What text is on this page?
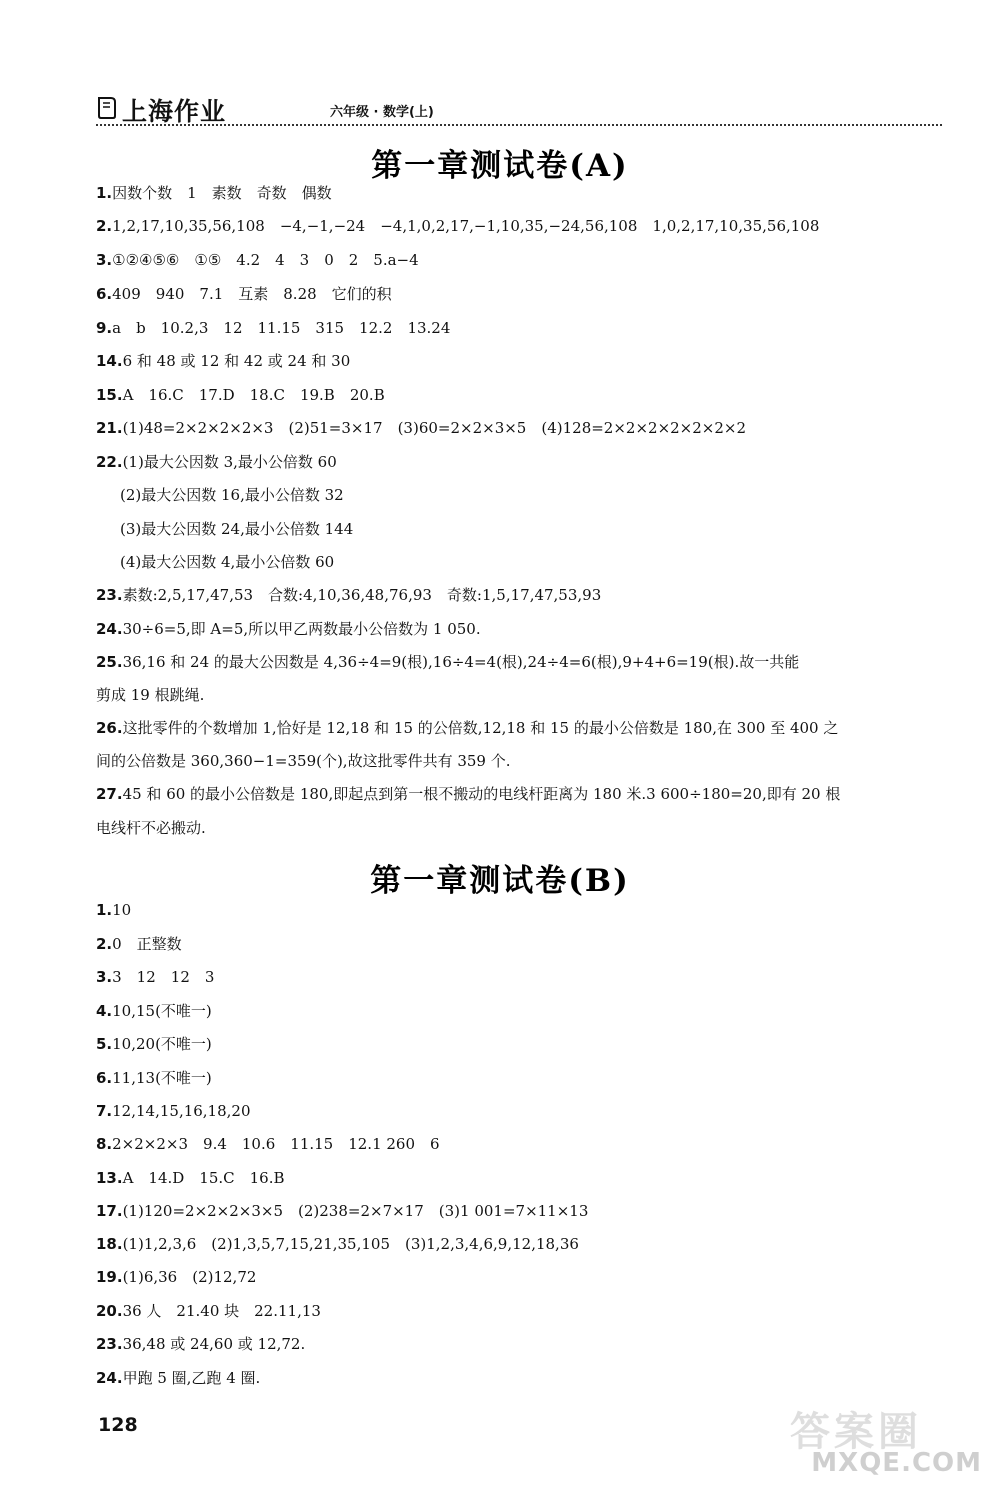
上海作业	六年级 · 数学(上)
第一章测试卷(A)
1.因数个数　1　素数　奇数　偶数
2.1,2,17,10,35,56,108　−4,−1,−24　−4,1,0,2,17,−1,10,35,−24,56,108　1,0,2,17,10,35,56,108
3.①②④⑤⑥　①⑤　4.2　4　3　0　2　5.a−4
6.409　940　7.1　互素　8.28　它们的积
9.a　b　10.2,3　12　11.15　315　12.2　13.24
14.6 和 48 或 12 和 42 或 24 和 30
15.A　16.C　17.D　18.C　19.B　20.B
21.(1)48=2×2×2×2×3　(2)51=3×17　(3)60=2×2×3×5　(4)128=2×2×2×2×2×2×2
22.(1)最大公因数 3,最小公倍数 60
(2)最大公因数 16,最小公倍数 32
(3)最大公因数 24,最小公倍数 144
(4)最大公因数 4,最小公倍数 60
23.素数:2,5,17,47,53　合数:4,10,36,48,76,93　奇数:1,5,17,47,53,93
24.30÷6=5,即 A=5,所以甲乙两数最小公倍数为 1 050.
25.36,16 和 24 的最大公因数是 4,36÷4=9(根),16÷4=4(根),24÷4=6(根),9+4+6=19(根).故一共能
剪成 19 根跳绳.
26.这批零件的个数增加 1,恰好是 12,18 和 15 的公倍数,12,18 和 15 的最小公倍数是 180,在 300 至 400 之
间的公倍数是 360,360−1=359(个),故这批零件共有 359 个.
27.45 和 60 的最小公倍数是 180,即起点到第一根不搬动的电线杆距离为 180 米.3 600÷180=20,即有 20 根
电线杆不必搬动.
第一章测试卷(B)
1.10
2.0　正整数
3.3　12　12　3
4.10,15(不唯一)
5.10,20(不唯一)
6.11,13(不唯一)
7.12,14,15,16,18,20
8.2×2×2×3　9.4　10.6　11.15　12.1 260　6
13.A　14.D　15.C　16.B
17.(1)120=2×2×2×3×5　(2)238=2×7×17　(3)1 001=7×11×13
18.(1)1,2,3,6　(2)1,3,5,7,15,21,35,105　(3)1,2,3,4,6,9,12,18,36
19.(1)6,36　(2)12,72
20.36 人　21.40 块　22.11,13
23.36,48 或 24,60 或 12,72.
24.甲跑 5 圈,乙跑 4 圈.
128	答案圈
MXQE.COM
